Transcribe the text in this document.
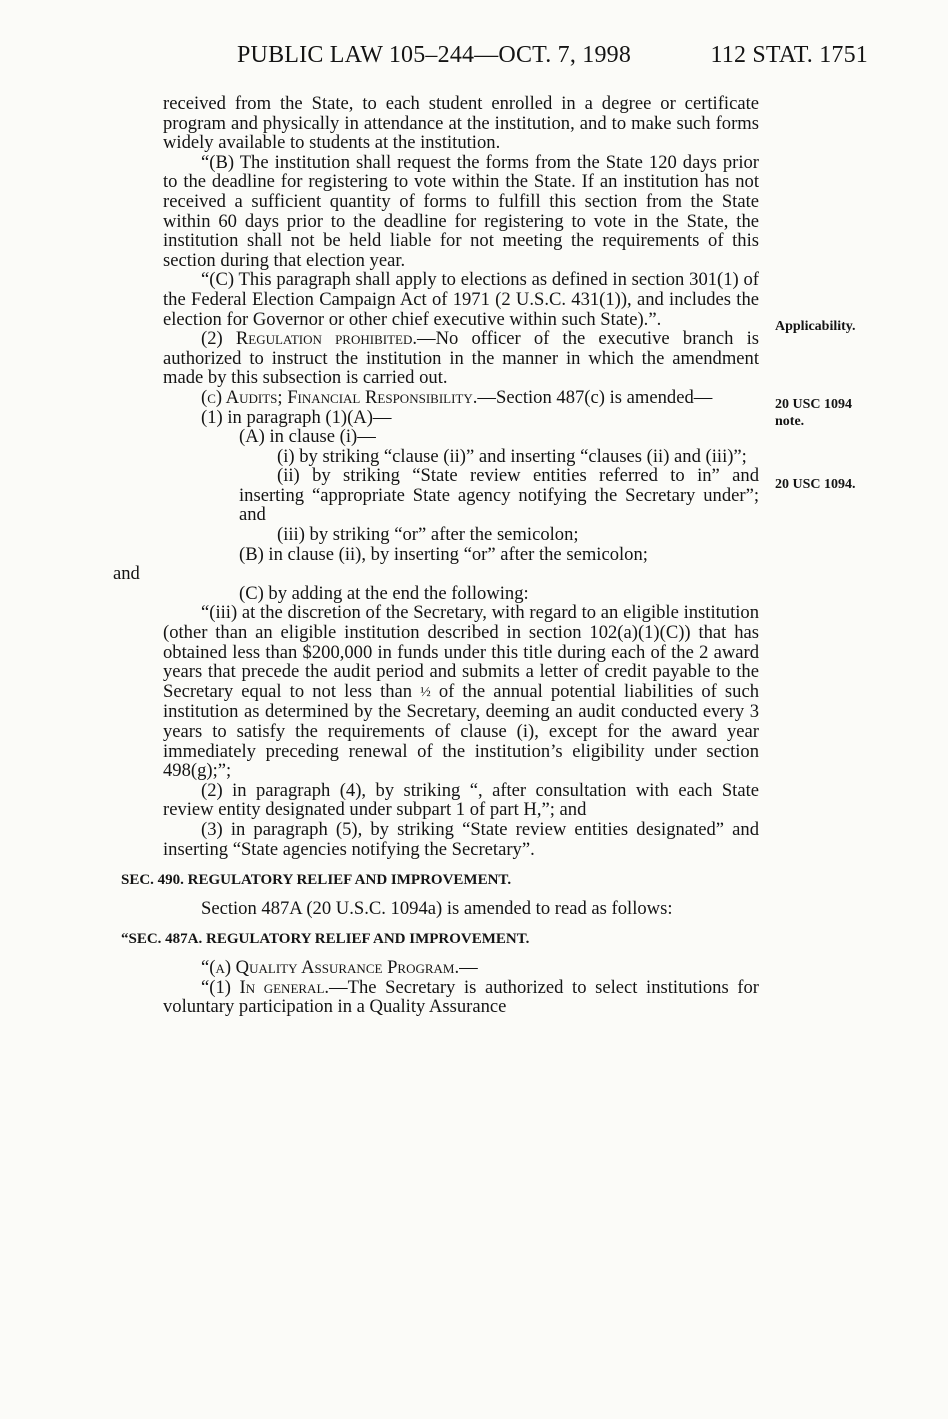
PUBLIC LAW 105–244—OCT. 7, 1998	112 STAT. 1751
Applicability.
20 USC 1094 note.
20 USC 1094.

received from the State, to each student enrolled in a degree or certificate program and physically in attendance at the institution, and to make such forms widely available to students at the institution.

“(B) The institution shall request the forms from the State 120 days prior to the deadline for registering to vote within the State. If an institution has not received a sufficient quantity of forms to fulfill this section from the State within 60 days prior to the deadline for registering to vote in the State, the institution shall not be held liable for not meeting the requirements of this section during that election year.

“(C) This paragraph shall apply to elections as defined in section 301(1) of the Federal Election Campaign Act of 1971 (2 U.S.C. 431(1)), and includes the election for Governor or other chief executive within such State).”.

(2) Regulation prohibited.—No officer of the executive branch is authorized to instruct the institution in the manner in which the amendment made by this subsection is carried out.

(c) Audits; Financial Responsibility.—Section 487(c) is amended—

(1) in paragraph (1)(A)—

(A) in clause (i)—

(i) by striking “clause (ii)” and inserting “clauses (ii) and (iii)”;

(ii) by striking “State review entities referred to in” and inserting “appropriate State agency notifying the Secretary under”; and

(iii) by striking “or” after the semicolon;

(B) in clause (ii), by inserting “or” after the semicolon;

and

(C) by adding at the end the following:

“(iii) at the discretion of the Secretary, with regard to an eligible institution (other than an eligible institution described in section 102(a)(1)(C)) that has obtained less than $200,000 in funds under this title during each of the 2 award years that precede the audit period and submits a letter of credit payable to the Secretary equal to not less than ½ of the annual potential liabilities of such institution as determined by the Secretary, deeming an audit conducted every 3 years to satisfy the requirements of clause (i), except for the award year immediately preceding renewal of the institution’s eligibility under section 498(g);”;

(2) in paragraph (4), by striking “, after consultation with each State review entity designated under subpart 1 of part H,”; and

(3) in paragraph (5), by striking “State review entities designated” and inserting “State agencies notifying the Secretary”.

SEC. 490. REGULATORY RELIEF AND IMPROVEMENT.

Section 487A (20 U.S.C. 1094a) is amended to read as follows:

“SEC. 487A. REGULATORY RELIEF AND IMPROVEMENT.

“(a) Quality Assurance Program.—

“(1) In general.—The Secretary is authorized to select institutions for voluntary participation in a Quality Assurance
